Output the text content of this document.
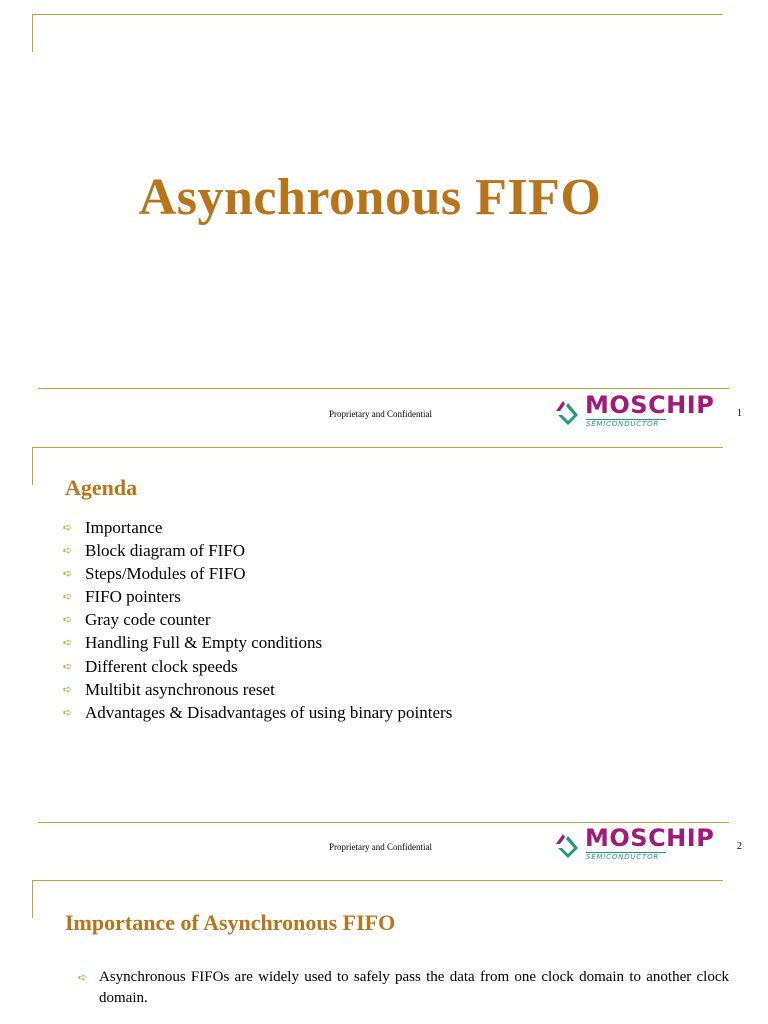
Asynchronous FIFO
Proprietary and Confidential	MOSCHIP
SEMICONDUCTOR
1
Agenda
➪ Importance
➪ Block diagram of FIFO
➪ Steps/Modules of FIFO
➪ FIFO pointers
➪ Gray code counter
➪ Handling Full & Empty conditions
➪ Different clock speeds
➪ Multibit asynchronous reset
➪ Advantages & Disadvantages of using binary pointers
Proprietary and Confidential	MOSCHIP
SEMICONDUCTOR
2
Importance of Asynchronous FIFO
➪ Asynchronous FIFOs are widely used to safely pass the data from one clock domain to another clock domain.
